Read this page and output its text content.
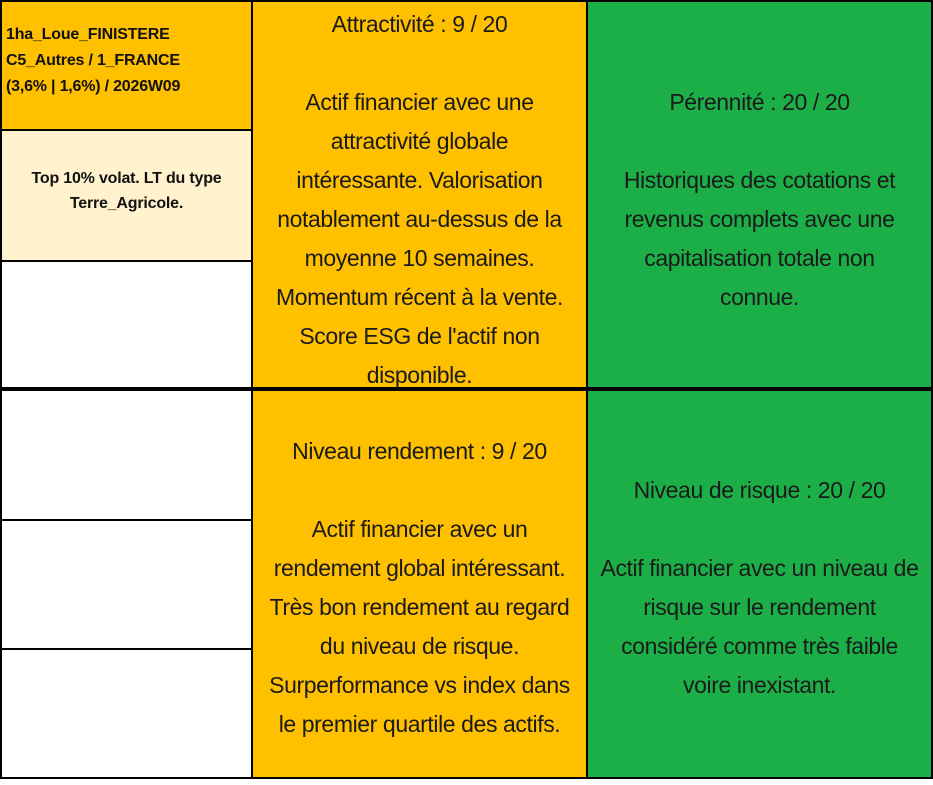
1ha_Loue_FINISTERE
C5_Autres / 1_FRANCE
(3,6% | 1,6%) / 2026W09
Top 10% volat. LT du type
Terre_Agricole.
Attractivité : 9 / 20
Actif financier avec une
attractivité globale
intéressante. Valorisation
notablement au-dessus de la
moyenne 10 semaines.
Momentum récent à la vente.
Score ESG de l'actif non
disponible.
Pérennité : 20 / 20
Historiques des cotations et
revenus complets avec une
capitalisation totale non
connue.
Niveau rendement : 9 / 20
Actif financier avec un
rendement global intéressant.
Très bon rendement au regard
du niveau de risque.
Surperformance vs index dans
le premier quartile des actifs.
Niveau de risque : 20 / 20
Actif financier avec un niveau de
risque sur le rendement
considéré comme très faible
voire inexistant.
